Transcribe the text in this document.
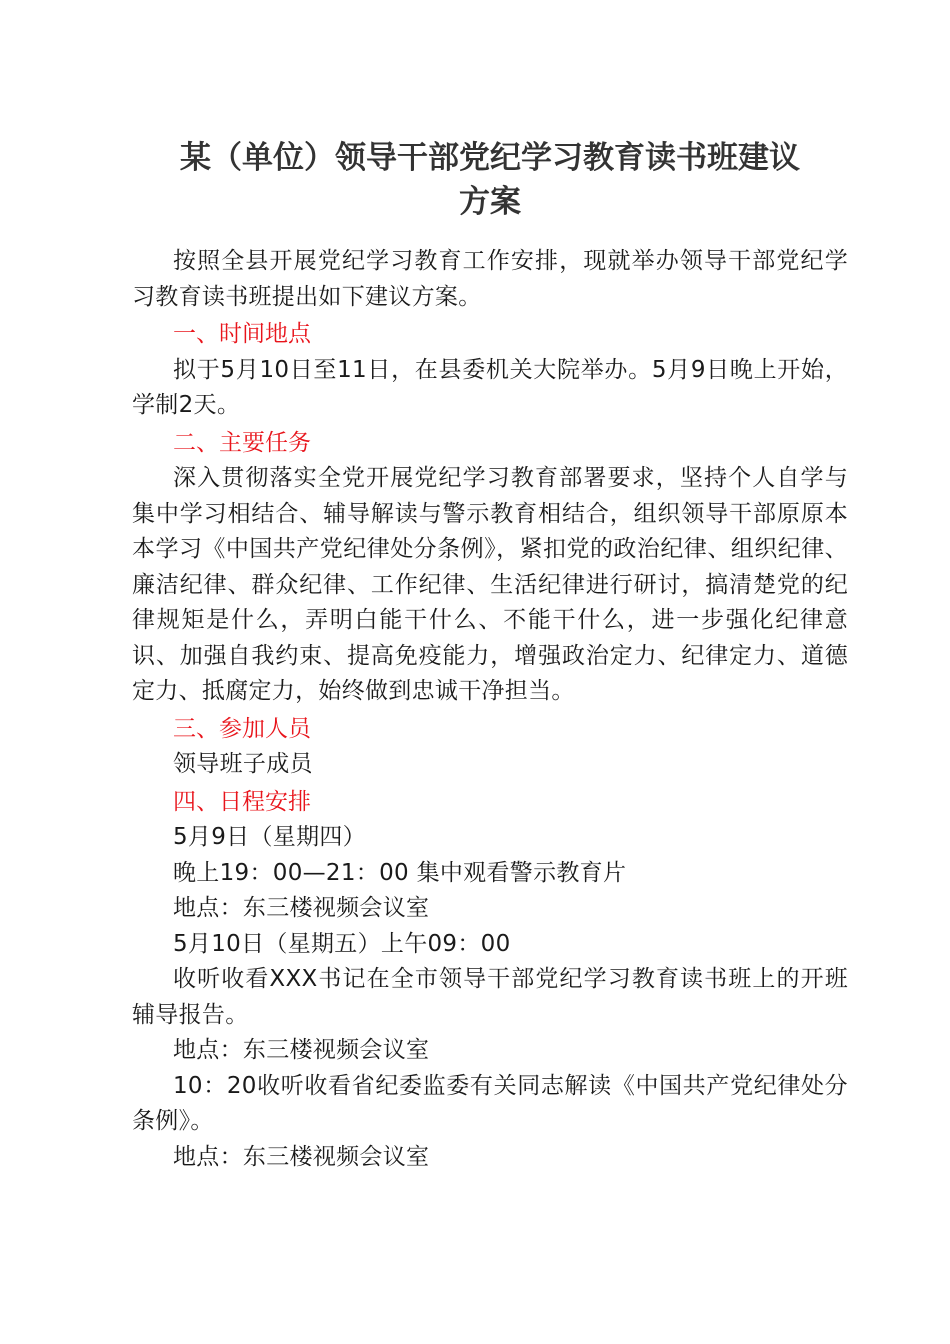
某（单位）领导干部党纪学习教育读书班建议
方案

按照全县开展党纪学习教育工作安排，现就举办领导干部党纪学习教育读书班提出如下建议方案。

一、时间地点

拟于5月10日至11日，在县委机关大院举办。5月9日晚上开始，学制2天。

二、主要任务

深入贯彻落实全党开展党纪学习教育部署要求，坚持个人自学与集中学习相结合、辅导解读与警示教育相结合，组织领导干部原原本本学习《中国共产党纪律处分条例》，紧扣党的政治纪律、组织纪律、廉洁纪律、群众纪律、工作纪律、生活纪律进行研讨，搞清楚党的纪律规矩是什么，弄明白能干什么、不能干什么，进一步强化纪律意识、加强自我约束、提高免疫能力，增强政治定力、纪律定力、道德定力、抵腐定力，始终做到忠诚干净担当。

三、参加人员

领导班子成员

四、日程安排

5月9日（星期四）

晚上19：00—21：00 集中观看警示教育片

地点：东三楼视频会议室

5月10日（星期五）上午09：00

收听收看XXX书记在全市领导干部党纪学习教育读书班上的开班辅导报告。

地点：东三楼视频会议室

10：20收听收看省纪委监委有关同志解读《中国共产党纪律处分条例》。

地点：东三楼视频会议室
